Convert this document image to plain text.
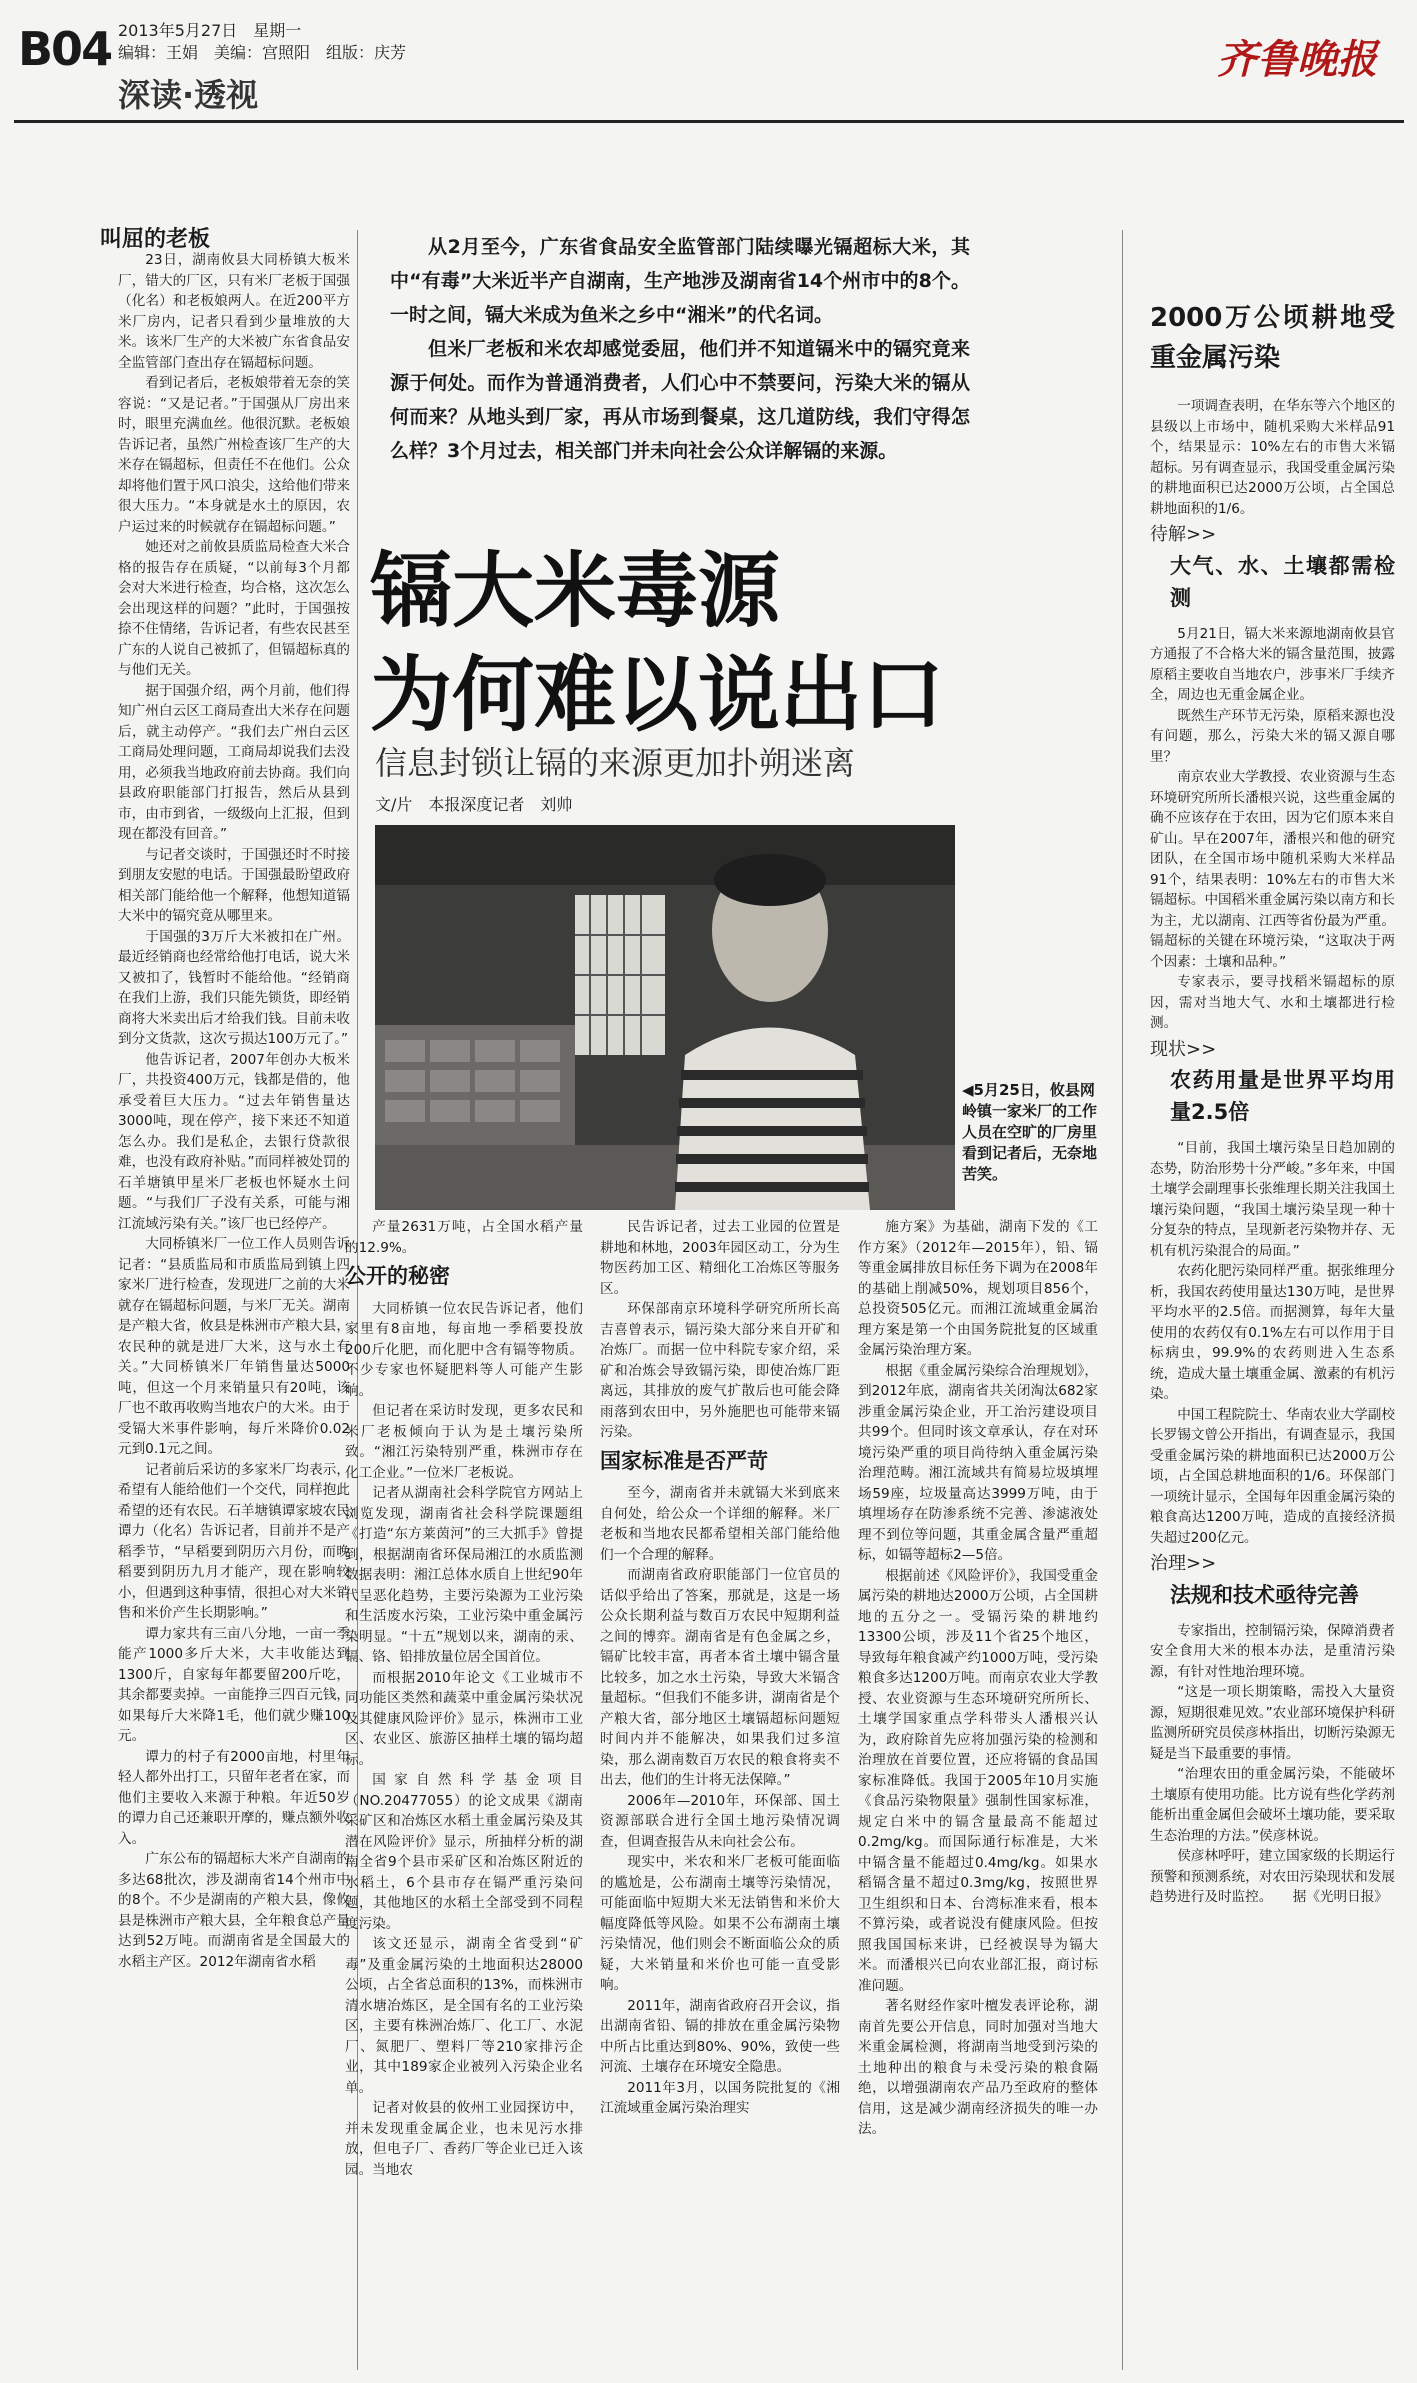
B04 2013年5月27日　星期一
编辑：王娟　美编：宫照阳　组版：庆芳
深读·透视
齐鲁晚报

从2月至今，广东省食品安全监管部门陆续曝光镉超标大米，其中“有毒”大米近半产自湖南，生产地涉及湖南省14个州市中的8个。一时之间，镉大米成为鱼米之乡中“湘米”的代名词。

但米厂老板和米农却感觉委屈，他们并不知道镉米中的镉究竟来源于何处。而作为普通消费者，人们心中不禁要问，污染大米的镉从何而来？从地头到厂家，再从市场到餐桌，这几道防线，我们守得怎么样？3个月过去，相关部门并未向社会公众详解镉的来源。

镉大米毒源
为何难以说出口
信息封锁让镉的来源更加扑朔迷离
文/片　本报深度记者　刘帅
◀5月25日，攸县网岭镇一家米厂的工作人员在空旷的厂房里看到记者后，无奈地苦笑。
叫屈的老板

23日，湖南攸县大同桥镇大板米厂，错大的厂区，只有米厂老板于国强（化名）和老板娘两人。在近200平方米厂房内，记者只看到少量堆放的大米。该米厂生产的大米被广东省食品安全监管部门查出存在镉超标问题。

看到记者后，老板娘带着无奈的笑容说：“又是记者。”于国强从厂房出来时，眼里充满血丝。他很沉默。老板娘告诉记者，虽然广州检查该厂生产的大米存在镉超标，但责任不在他们。公众却将他们置于风口浪尖，这给他们带来很大压力。“本身就是水土的原因，农户运过来的时候就存在镉超标问题。”

她还对之前攸县质监局检查大米合格的报告存在质疑，“以前每3个月都会对大米进行检查，均合格，这次怎么会出现这样的问题？”此时，于国强按捺不住情绪，告诉记者，有些农民甚至广东的人说自己被抓了，但镉超标真的与他们无关。

据于国强介绍，两个月前，他们得知广州白云区工商局查出大米存在问题后，就主动停产。“我们去广州白云区工商局处理问题，工商局却说我们去没用，必须我当地政府前去协商。我们向县政府职能部门打报告，然后从县到市，由市到省，一级级向上汇报，但到现在都没有回音。”

与记者交谈时，于国强还时不时接到朋友安慰的电话。于国强最盼望政府相关部门能给他一个解释，他想知道镉大米中的镉究竟从哪里来。

于国强的3万斤大米被扣在广州。最近经销商也经常给他打电话，说大米又被扣了，钱暂时不能给他。“经销商在我们上游，我们只能先锁货，即经销商将大米卖出后才给我们钱。目前未收到分文货款，这次亏损达100万元了。”

他告诉记者，2007年创办大板米厂，共投资400万元，钱都是借的，他承受着巨大压力。“过去年销售量达3000吨，现在停产，接下来还不知道怎么办。我们是私企，去银行贷款很难，也没有政府补贴。”而同样被处罚的石羊塘镇甲星米厂老板也怀疑水土问题。“与我们厂子没有关系，可能与湘江流域污染有关。”该厂也已经停产。

大同桥镇米厂一位工作人员则告诉记者：“县质监局和市质监局到镇上四家米厂进行检查，发现进厂之前的大米就存在镉超标问题，与米厂无关。湖南是产粮大省，攸县是株洲市产粮大县，农民种的就是进厂大米，这与水土有关。”大同桥镇米厂年销售量达5000吨，但这一个月来销量只有20吨，该厂也不敢再收购当地农户的大米。由于受镉大米事件影响，每斤米降价0.02元到0.1元之间。

记者前后采访的多家米厂均表示，希望有人能给他们一个交代，同样抱此希望的还有农民。石羊塘镇谭家坡农民谭力（化名）告诉记者，目前并不是产稻季节，“早稻要到阴历六月份，而晚稻要到阴历九月才能产，现在影响较小，但遇到这种事情，很担心对大米销售和米价产生长期影响。”

谭力家共有三亩八分地，一亩一季能产1000多斤大米，大丰收能达到1300斤，自家每年都要留200斤吃，其余都要卖掉。一亩能挣三四百元钱，如果每斤大米降1毛，他们就少赚100元。

谭力的村子有2000亩地，村里年轻人都外出打工，只留年老者在家，而他们主要收入来源于种粮。年近50岁的谭力自己还兼职开摩的，赚点额外收入。

广东公布的镉超标大米产自湖南的多达68批次，涉及湖南省14个州市中的8个。不少是湖南的产粮大县，像攸县是株洲市产粮大县，全年粮食总产量达到52万吨。而湖南省是全国最大的水稻主产区。2012年湖南省水稻

产量2631万吨，占全国水稻产量的12.9%。

公开的秘密

大同桥镇一位农民告诉记者，他们家里有8亩地，每亩地一季稻要投放200斤化肥，而化肥中含有镉等物质。不少专家也怀疑肥料等人可能产生影响。

但记者在采访时发现，更多农民和米厂老板倾向于认为是土壤污染所致。“湘江污染特别严重，株洲市存在化工企业。”一位米厂老板说。

记者从湖南社会科学院官方网站上浏览发现，湖南省社会科学院课题组《打造“东方莱茵河”的三大抓手》曾提到，根据湖南省环保局湘江的水质监测数据表明：湘江总体水质自上世纪90年代呈恶化趋势，主要污染源为工业污染和生活废水污染，工业污染中重金属污染明显。“十五”规划以来，湖南的汞、镉、铬、铅排放量位居全国首位。

而根据2010年论文《工业城市不同功能区类然和蔬菜中重金属污染状况及其健康风险评价》显示，株洲市工业区、农业区、旅游区抽样土壤的镉均超标。

国家自然科学基金项目（NO.20477055）的论文成果《湖南采矿区和冶炼区水稻土重金属污染及其潜在风险评价》显示，所抽样分析的湖南全省9个县市采矿区和冶炼区附近的水稻土，6个县市存在镉严重污染问题，其他地区的水稻土全部受到不同程度污染。

该文还显示，湖南全省受到“矿毒”及重金属污染的土地面积达28000公顷，占全省总面积的13%，而株洲市清水塘冶炼区，是全国有名的工业污染区，主要有株洲冶炼厂、化工厂、水泥厂、氮肥厂、塑料厂等210家排污企业，其中189家企业被列入污染企业名单。

记者对攸县的攸州工业园探访中，并未发现重金属企业，也未见污水排放，但电子厂、香药厂等企业已迁入该园。当地农

民告诉记者，过去工业园的位置是耕地和林地，2003年园区动工，分为生物医药加工区、精细化工冶炼区等服务区。

环保部南京环境科学研究所所长高吉喜曾表示，镉污染大部分来自开矿和冶炼厂。而据一位中科院专家介绍，采矿和冶炼会导致镉污染，即使冶炼厂距离远，其排放的废气扩散后也可能会降雨落到农田中，另外施肥也可能带来镉污染。

国家标准是否严苛

至今，湖南省并未就镉大米到底来自何处，给公众一个详细的解释。米厂老板和当地农民都希望相关部门能给他们一个合理的解释。

而湖南省政府职能部门一位官员的话似乎给出了答案，那就是，这是一场公众长期利益与数百万农民中短期利益之间的博弈。湖南省是有色金属之乡，镉矿比较丰富，再者本省土壤中镉含量比较多，加之水土污染，导致大米镉含量超标。“但我们不能多讲，湖南省是个产粮大省，部分地区土壤镉超标问题短时间内并不能解决，如果我们过多渲染，那么湖南数百万农民的粮食将卖不出去，他们的生计将无法保障。”

2006年—2010年，环保部、国土资源部联合进行全国土地污染情况调查，但调查报告从未向社会公布。

现实中，米农和米厂老板可能面临的尴尬是，公布湖南土壤等污染情况，可能面临中短期大米无法销售和米价大幅度降低等风险。如果不公布湖南土壤污染情况，他们则会不断面临公众的质疑，大米销量和米价也可能一直受影响。

2011年，湖南省政府召开会议，指出湖南省铅、镉的排放在重金属污染物中所占比重达到80%、90%，致使一些河流、土壤存在环境安全隐患。

2011年3月，以国务院批复的《湘江流域重金属污染治理实

施方案》为基础，湖南下发的《工作方案》（2012年—2015年），铅、镉等重金属排放目标任务下调为在2008年的基础上削减50%，规划项目856个，总投资505亿元。而湘江流域重金属治理方案是第一个由国务院批复的区域重金属污染治理方案。

根据《重金属污染综合治理规划》，到2012年底，湖南省共关闭淘汰682家涉重金属污染企业，开工治污建设项目共99个。但同时该文章承认，存在对环境污染严重的项目尚待纳入重金属污染治理范畴。湘江流域共有简易垃圾填埋场59座，垃圾量高达3999万吨，由于填埋场存在防渗系统不完善、渗滤液处理不到位等问题，其重金属含量严重超标，如镉等超标2—5倍。

根据前述《风险评价》，我国受重金属污染的耕地达2000万公顷，占全国耕地的五分之一。受镉污染的耕地约13300公顷，涉及11个省25个地区，导致每年粮食减产约1000万吨，受污染粮食多达1200万吨。而南京农业大学教授、农业资源与生态环境研究所所长、土壤学国家重点学科带头人潘根兴认为，政府除首先应将加强污染的检测和治理放在首要位置，还应将镉的食品国家标准降低。我国于2005年10月实施《食品污染物限量》强制性国家标准，规定白米中的镉含量最高不能超过0.2mg/kg。而国际通行标准是，大米中镉含量不能超过0.4mg/kg。如果水稻镉含量不超过0.3mg/kg，按照世界卫生组织和日本、台湾标准来看，根本不算污染，或者说没有健康风险。但按照我国国标来讲，已经被误导为镉大米。而潘根兴已向农业部汇报，商讨标准问题。

著名财经作家叶檀发表评论称，湖南首先要公开信息，同时加强对当地大米重金属检测，将湖南当地受到污染的土地种出的粮食与未受污染的粮食隔绝，以增强湖南农产品乃至政府的整体信用，这是减少湖南经济损失的唯一办法。

2000万公顷耕地受重金属污染

一项调查表明，在华东等六个地区的县级以上市场中，随机采购大米样品91个，结果显示：10%左右的市售大米镉超标。另有调查显示，我国受重金属污染的耕地面积已达2000万公顷，占全国总耕地面积的1/6。

待解>>
大气、水、土壤都需检测

5月21日，镉大米来源地湖南攸县官方通报了不合格大米的镉含量范围，披露原稻主要收自当地农户，涉事米厂手续齐全，周边也无重金属企业。

既然生产环节无污染，原稻来源也没有问题，那么，污染大米的镉又源自哪里？

南京农业大学教授、农业资源与生态环境研究所所长潘根兴说，这些重金属的确不应该存在于农田，因为它们原本来自矿山。早在2007年，潘根兴和他的研究团队，在全国市场中随机采购大米样品91个，结果表明：10%左右的市售大米镉超标。中国稻米重金属污染以南方和长为主，尤以湖南、江西等省份最为严重。镉超标的关键在环境污染，“这取决于两个因素：土壤和品种。”

专家表示，要寻找稻米镉超标的原因，需对当地大气、水和土壤都进行检测。

现状>>
农药用量是世界平均用量2.5倍

“目前，我国土壤污染呈日趋加剧的态势，防治形势十分严峻。”多年来，中国土壤学会副理事长张维理长期关注我国土壤污染问题，“我国土壤污染呈现一种十分复杂的特点，呈现新老污染物并存、无机有机污染混合的局面。”

农药化肥污染同样严重。据张维理分析，我国农药使用量达130万吨，是世界平均水平的2.5倍。而据测算，每年大量使用的农药仅有0.1%左右可以作用于目标病虫，99.9%的农药则进入生态系统，造成大量土壤重金属、激素的有机污染。

中国工程院院士、华南农业大学副校长罗锡文曾公开指出，有调查显示，我国受重金属污染的耕地面积已达2000万公顷，占全国总耕地面积的1/6。环保部门一项统计显示，全国每年因重金属污染的粮食高达1200万吨，造成的直接经济损失超过200亿元。

治理>>
法规和技术亟待完善

专家指出，控制镉污染，保障消费者安全食用大米的根本办法，是重清污染源，有针对性地治理环境。

“这是一项长期策略，需投入大量资源，短期很难见效。”农业部环境保护科研监测所研究员侯彦林指出，切断污染源无疑是当下最重要的事情。

“治理农田的重金属污染，不能破坏土壤原有使用功能。比方说有些化学药剂能析出重金属但会破坏土壤功能，要采取生态治理的方法。”侯彦林说。

侯彦林呼吁，建立国家级的长期运行预警和预测系统，对农田污染现状和发展趋势进行及时监控。　　据《光明日报》
